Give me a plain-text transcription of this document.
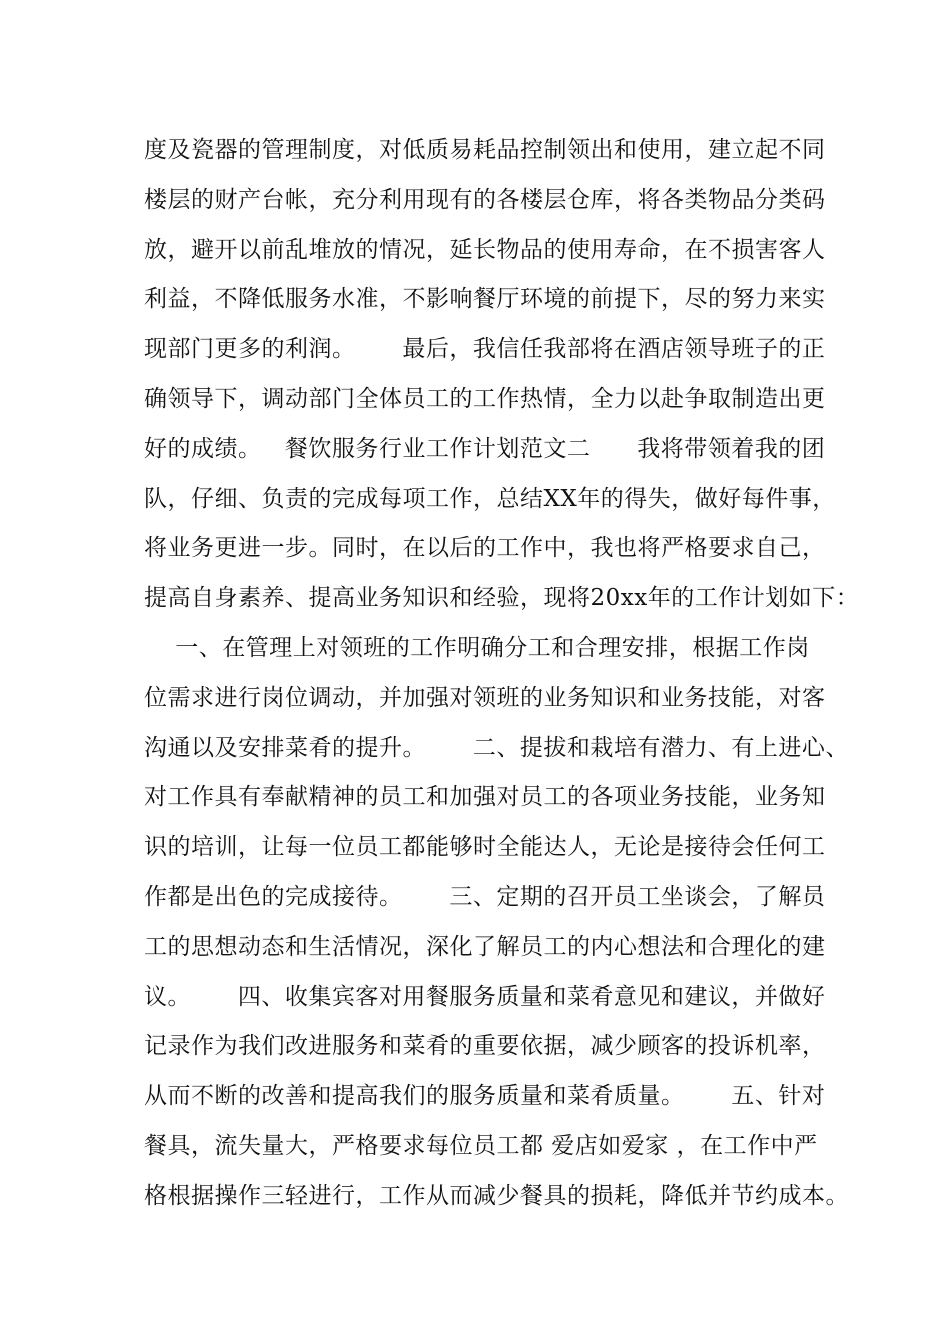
度及瓷器的管理制度，对低质易耗品控制领出和使用，建立起不同
楼层的财产台帐，充分利用现有的各楼层仓库，将各类物品分类码
放，避开以前乱堆放的情况，延长物品的使用寿命，在不损害客人
利益，不降低服务水准，不影响餐厅环境的前提下，尽的努力来实
现部门更多的利润。      最后，我信任我部将在酒店领导班子的正
确领导下，调动部门全体员工的工作热情，全力以赴争取制造出更
好的成绩。   餐饮服务行业工作计划范文二      我将带领着我的团
队，仔细、负责的完成每项工作，总结XX年的得失，做好每件事，
将业务更进一步。同时，在以后的工作中，我也将严格要求自己，
提高自身素养、提高业务知识和经验，现将20xx年的工作计划如下：
一、在管理上对领班的工作明确分工和合理安排，根据工作岗
位需求进行岗位调动，并加强对领班的业务知识和业务技能，对客
沟通以及安排菜肴的提升。      二、提拔和栽培有潜力、有上进心、
对工作具有奉献精神的员工和加强对员工的各项业务技能，业务知
识的培训，让每一位员工都能够时全能达人，无论是接待会任何工
作都是出色的完成接待。      三、定期的召开员工坐谈会，了解员
工的思想动态和生活情况，深化了解员工的内心想法和合理化的建
议。      四、收集宾客对用餐服务质量和菜肴意见和建议，并做好
记录作为我们改进服务和菜肴的重要依据，减少顾客的投诉机率，
从而不断的改善和提高我们的服务质量和菜肴质量。      五、针对
餐具，流失量大，严格要求每位员工都 爱店如爱家 ，在工作中严
格根据操作三轻进行，工作从而减少餐具的损耗，降低并节约成本。
